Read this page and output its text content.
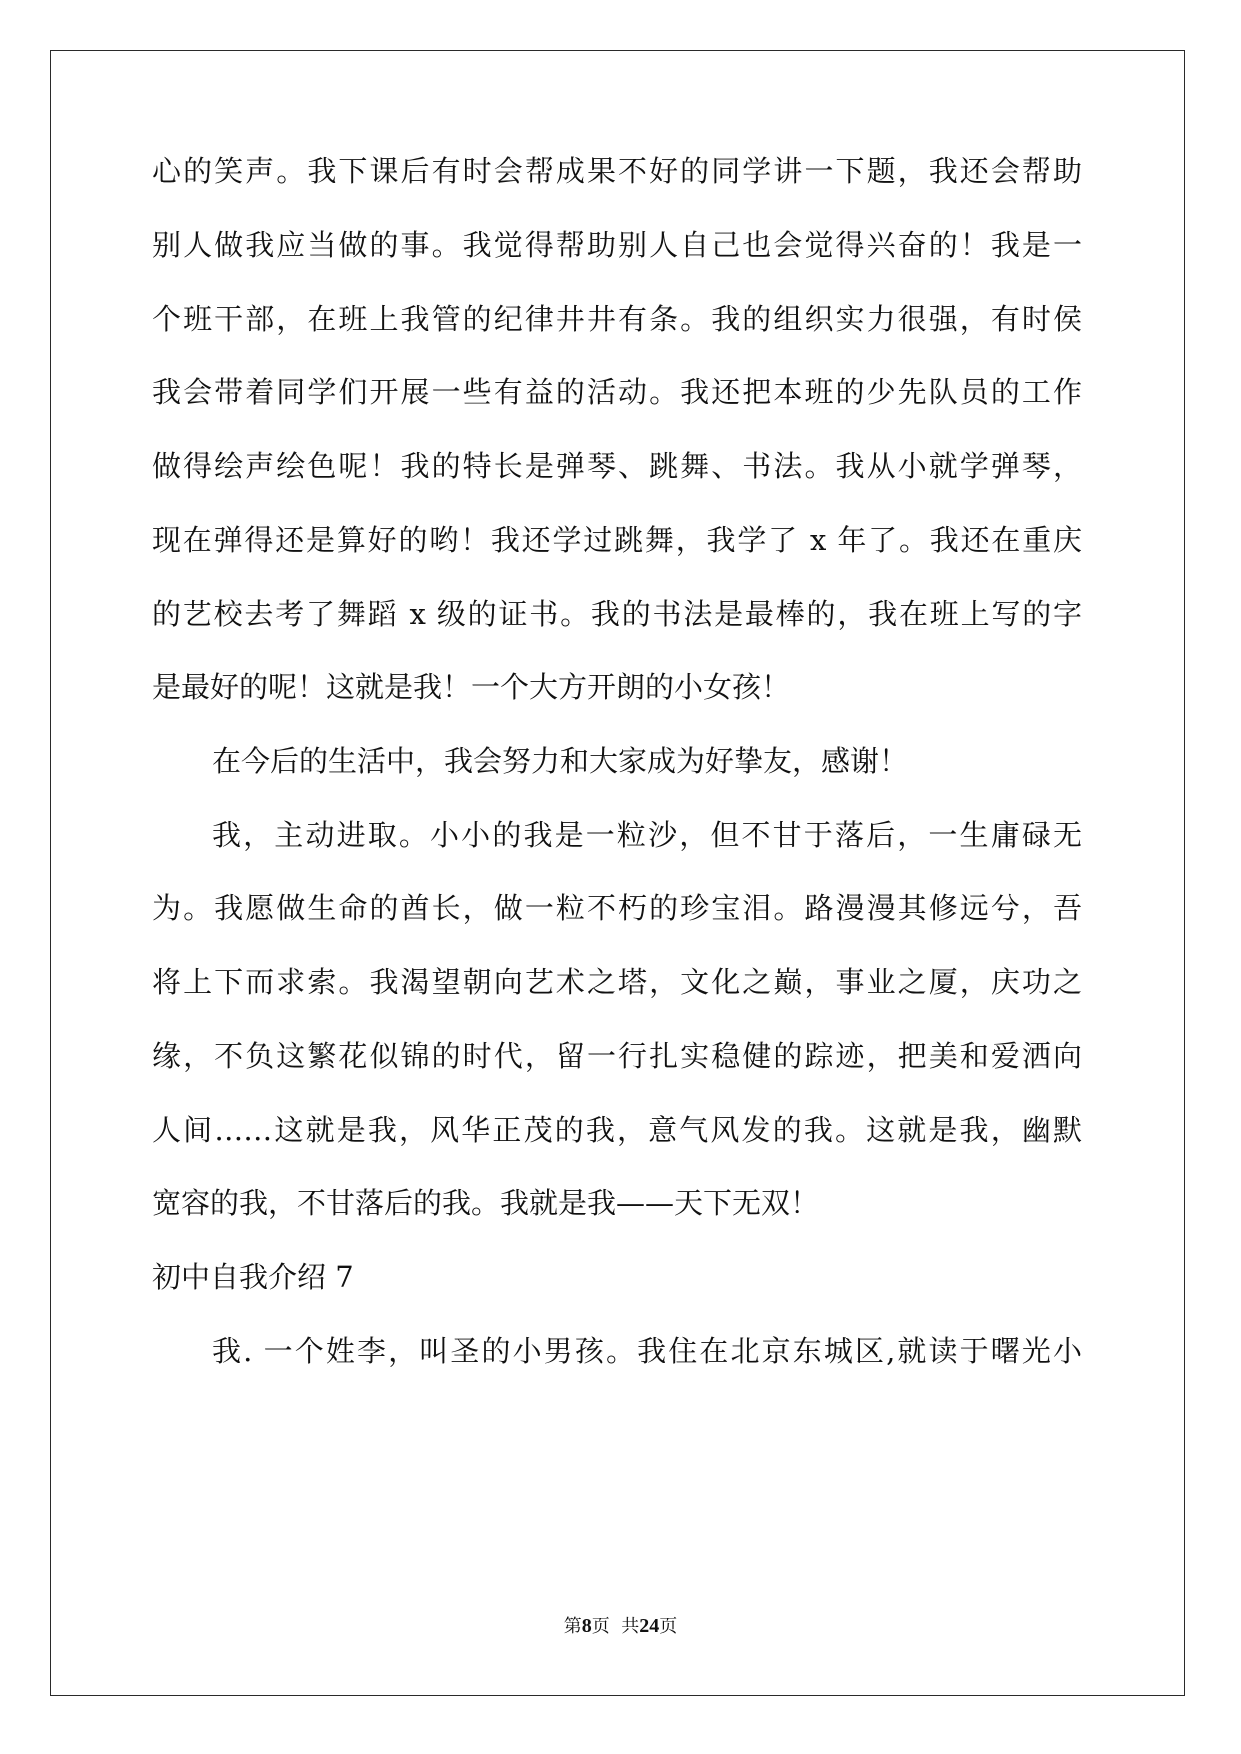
心的笑声。我下课后有时会帮成果不好的同学讲一下题，我还会帮助
别人做我应当做的事。我觉得帮助别人自己也会觉得兴奋的！我是一
个班干部，在班上我管的纪律井井有条。我的组织实力很强，有时侯
我会带着同学们开展一些有益的活动。我还把本班的少先队员的工作
做得绘声绘色呢！我的特长是弹琴、跳舞、书法。我从小就学弹琴，
现在弹得还是算好的哟！我还学过跳舞，我学了 x 年了。我还在重庆
的艺校去考了舞蹈 x 级的证书。我的书法是最棒的，我在班上写的字
是最好的呢！这就是我！一个大方开朗的小女孩！
在今后的生活中，我会努力和大家成为好挚友，感谢！
我，主动进取。小小的我是一粒沙，但不甘于落后，一生庸碌无
为。我愿做生命的酋长，做一粒不朽的珍宝泪。路漫漫其修远兮，吾
将上下而求索。我渴望朝向艺术之塔，文化之巅，事业之厦，庆功之
缘，不负这繁花似锦的时代，留一行扎实稳健的踪迹，把美和爱洒向
人间……这就是我，风华正茂的我，意气风发的我。这就是我，幽默
宽容的我，不甘落后的我。我就是我——天下无双！
初中自我介绍 7
我. 一个姓李，叫圣的小男孩。我住在北京东城区,就读于曙光小
第8页  共24页
